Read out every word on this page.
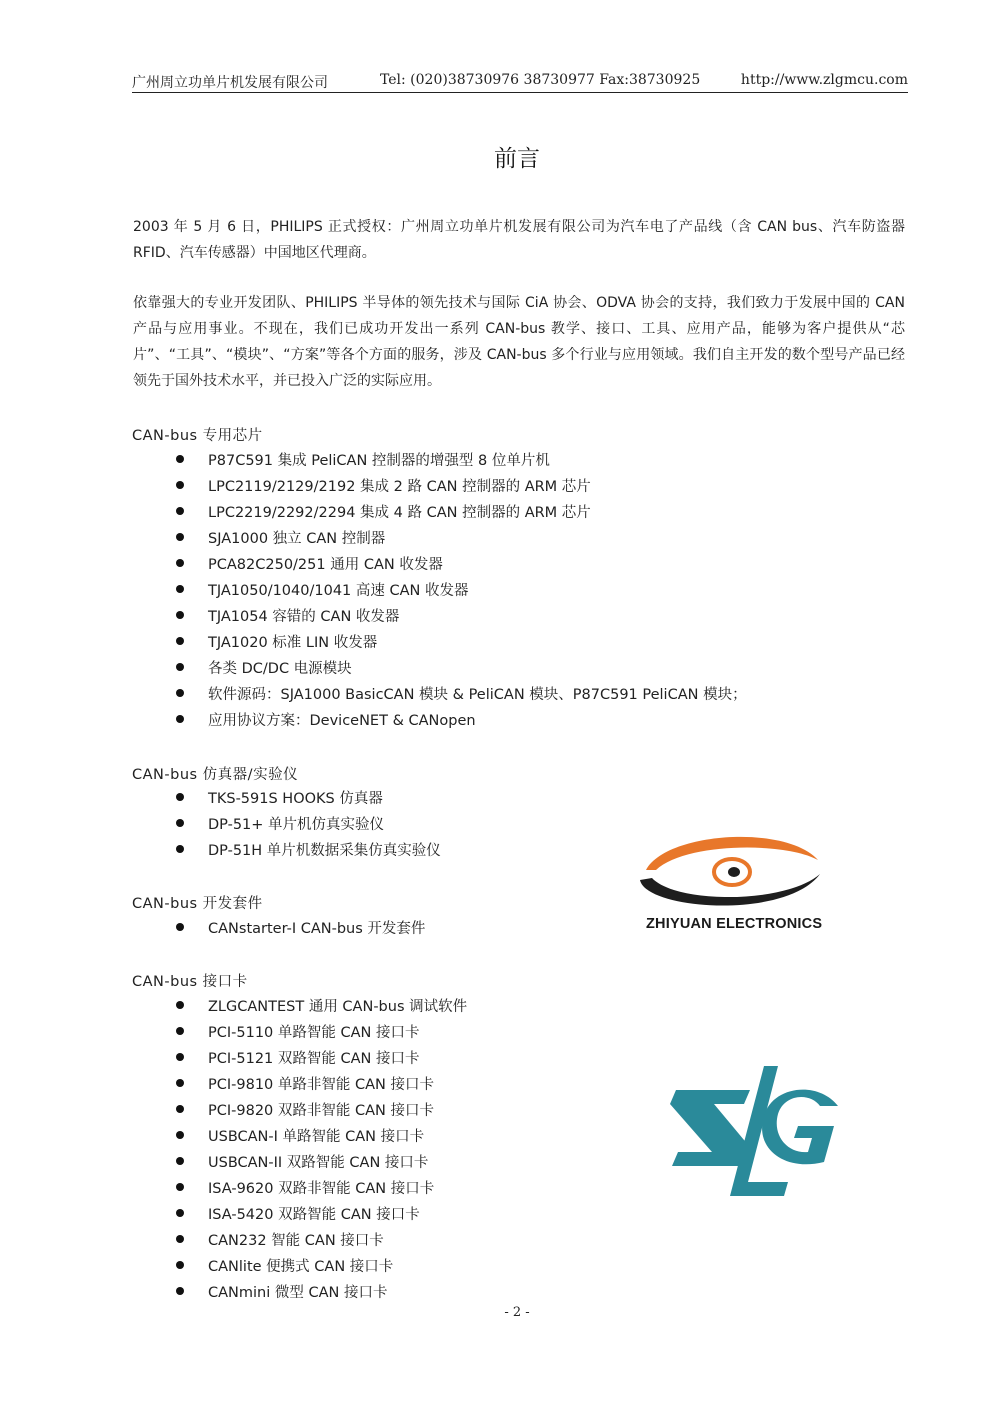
广州周立功单片机发展有限公司	Tel: (020)38730976 38730977 Fax:38730925	http://www.zlgmcu.com
前言

2003 年 5 月 6 日，PHILIPS 正式授权：广州周立功单片机发展有限公司为汽车电了产品线（含 CAN bus、汽车防盗器 RFID、汽车传感器）中国地区代理商。

依靠强大的专业开发团队、PHILIPS 半导体的领先技术与国际 CiA 协会、ODVA 协会的支持，我们致力于发展中国的 CAN 产品与应用事业。不现在，我们已成功开发出一系列 CAN-bus 教学、接口、工具、应用产品，能够为客户提供从“芯片”、“工具”、“模块”、“方案”等各个方面的服务，涉及 CAN-bus 多个行业与应用领域。我们自主开发的数个型号产品已经领先于国外技术水平，并已投入广泛的实际应用。

CAN-bus 专用芯片
P87C591 集成 PeliCAN 控制器的增强型 8 位单片机
LPC2119/2129/2192 集成 2 路 CAN 控制器的 ARM 芯片
LPC2219/2292/2294 集成 4 路 CAN 控制器的 ARM 芯片
SJA1000 独立 CAN 控制器
PCA82C250/251 通用 CAN 收发器
TJA1050/1040/1041 高速 CAN 收发器
TJA1054 容错的 CAN 收发器
TJA1020 标准 LIN 收发器
各类 DC/DC 电源模块
软件源码：SJA1000 BasicCAN 模块 & PeliCAN 模块、P87C591 PeliCAN 模块；
应用协议方案：DeviceNET & CANopen
CAN-bus 仿真器/实验仪
TKS-591S HOOKS 仿真器
DP-51+ 单片机仿真实验仪
DP-51H 单片机数据采集仿真实验仪
CAN-bus 开发套件
CANstarter-I CAN-bus 开发套件
CAN-bus 接口卡
ZLGCANTEST 通用 CAN-bus 调试软件
PCI-5110 单路智能 CAN 接口卡
PCI-5121 双路智能 CAN 接口卡
PCI-9810 单路非智能 CAN 接口卡
PCI-9820 双路非智能 CAN 接口卡
USBCAN-I 单路智能 CAN 接口卡
USBCAN-II 双路智能 CAN 接口卡
ISA-9620 双路非智能 CAN 接口卡
ISA-5420 双路智能 CAN 接口卡
CAN232 智能 CAN 接口卡
CANlite 便携式 CAN 接口卡
CANmini 微型 CAN 接口卡
ZHIYUAN ELECTRONICS
- 2 -
